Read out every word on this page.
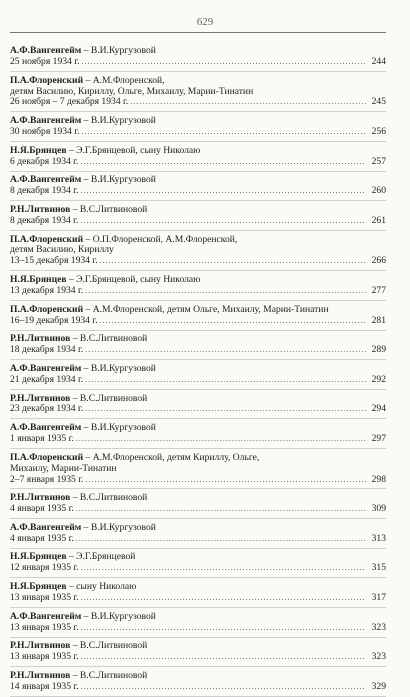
629
А.Ф.Вангенгейм – В.И.Кургузовой
25 ноября 1934 г. .....	244
П.А.Флоренский – А.М.Флоренской,
детям Василию, Кириллу, Ольге, Михаилу, Марии-Тинатин
26 ноября – 7 декабря 1934 г. .....	245
А.Ф.Вангенгейм – В.И.Кургузовой
30 ноября 1934 г. .....	256
Н.Я.Брянцев – Э.Г.Брянцевой, сыну Николаю
6 декабря 1934 г. .....	257
А.Ф.Вангенгейм – В.И.Кургузовой
8 декабря 1934 г. .....	260
Р.Н.Литвинов – В.С.Литвиновой
8 декабря 1934 г. .....	261
П.А.Флоренский – О.П.Флоренской, А.М.Флоренской,
детям Василию, Кириллу
13–15 декабря 1934 г. .....	266
Н.Я.Брянцев – Э.Г.Брянцевой, сыну Николаю
13 декабря 1934 г. .....	277
П.А.Флоренский – А.М.Флоренской, детям Ольге, Михаилу, Марии-Тинатин
16–19 декабря 1934 г. .....	281
Р.Н.Литвинов – В.С.Литвиновой
18 декабря 1934 г. .....	289
А.Ф.Вангенгейм – В.И.Кургузовой
21 декабря 1934 г. .....	292
Р.Н.Литвинов – В.С.Литвиновой
23 декабря 1934 г. .....	294
А.Ф.Вангенгейм – В.И.Кургузовой
1 января 1935 г. .....	297
П.А.Флоренский – А.М.Флоренской, детям Кириллу, Ольге,
Михаилу, Марии-Тинатин
2–7 января 1935 г. .....	298
Р.Н.Литвинов – В.С.Литвиновой
4 января 1935 г. .....	309
А.Ф.Вангенгейм – В.И.Кургузовой
4 января 1935 г. .....	313
Н.Я.Брянцев – Э.Г.Брянцевой
12 января 1935 г. .....	315
Н.Я.Брянцев – сыну Николаю
13 января 1935 г. .....	317
А.Ф.Вангенгейм – В.И.Кургузовой
13 января 1935 г. .....	323
Р.Н.Литвинов – В.С.Литвиновой
13 января 1935 г. .....	323
Р.Н.Литвинов – В.С.Литвиновой
14 января 1935 г. .....	329
